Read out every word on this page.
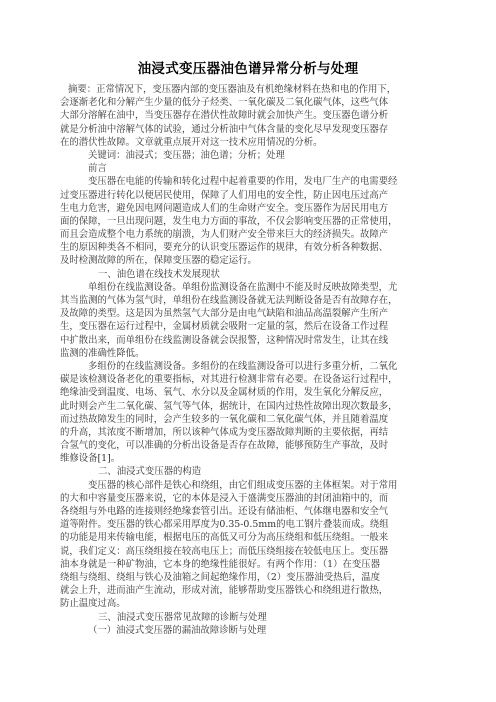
油浸式变压器油色谱异常分析与处理
摘要：正常情况下，变压器内部的变压器油及有机绝缘材料在热和电的作用下，
会逐渐老化和分解产生少量的低分子烃类、一氧化碳及二氧化碳气体，这些气体
大部分溶解在油中，当变压器存在潜伏性故障时就会加快产生。变压器色谱分析
就是分析油中溶解气体的试验，通过分析油中气体含量的变化尽早发现变压器存
在的潜伏性故障。文章就重点展开对这一技术应用情况的分析。
关键词：油浸式；变压器；油色谱；分析；处理
前言
变压器在电能的传输和转化过程中起着重要的作用，发电厂生产的电需要经
过变压器进行转化以便居民使用，保障了人们用电的安全性，防止因电压过高产
生电力危害，避免因电网问题造成人们的生命财产安全。变压器作为居民用电方
面的保障，一旦出现问题，发生电力方面的事故，不仅会影响变压器的正常使用，
而且会造成整个电力系统的崩溃，为人们财产安全带来巨大的经济损失。故障产
生的原因种类各不相同，要充分的认识变压器运作的规律，有效分析各种数据、
及时检测故障的所在，保障变压器的稳定运行。
一、油色谱在线技术发展现状
单组份在线监测设备。单组份监测设备在监测中不能及时反映故障类型，尤
其当监测的气体为氢气时，单组份在线监测设备就无法判断设备是否有故障存在，
及故障的类型。这是因为虽然氢气大部分是由电气缺陷和油品高温裂解产生所产
生，变压器在运行过程中，金属材质就会吸附一定量的氢，然后在设备工作过程
中扩散出来，而单组份在线监测设备就会误报警，这种情况时常发生，让其在线
监测的准确性降低。
多组份的在线监测设备。多组份的在线监测设备可以进行多重分析，二氧化
碳是该检测设备老化的重要指标，对其进行检测非常有必要。在设备运行过程中，
绝缘油受到温度、电场、氧气、水分以及金属材质的作用，发生氧化分解反应，
此时则会产生二氧化碳、氢气等气体，据统计，在国内过热性故障出现次数最多，
而过热故障发生的同时，会产生较多的一氧化碳和二氧化碳气体，并且随着温度
的升高，其浓度不断增加，所以该种气体成为变压器故障判断的主要依据，再结
合氢气的变化，可以准确的分析出设备是否存在故障，能够预防生产事故，及时
维修设备[1]。
二、油浸式变压器的构造
变压器的核心部件是铁心和绕组，由它们组成变压器的主体框架。对于常用
的大和中容量变压器来说，它的本体是浸入于盛满变压器油的封闭油箱中的，而
各绕组与外电路的连接则经绝缘套管引出。还设有储油柜、气体继电器和安全气
道等附件。变压器的铁心都采用厚度为0.35-0.5mm的电工钢片叠装而成。绕组
的功能是用来传输电能，根据电压的高低又可分为高压绕组和低压绕组。一般来
说，我们定义：高压绕组接在较高电压上；而低压绕组接在较低电压上。变压器
油本身就是一种矿物油，它本身的绝缘性能很好。有两个作用：（1）在变压器
绕组与绕组、绕组与铁心及油箱之间起绝缘作用，（2）变压器油受热后，温度
就会上升，进而油产生流动，形成对流，能够帮助变压器铁心和绕组进行散热，
防止温度过高。
三、油浸式变压器常见故障的诊断与处理
（一）油浸式变压器的漏油故障诊断与处理
